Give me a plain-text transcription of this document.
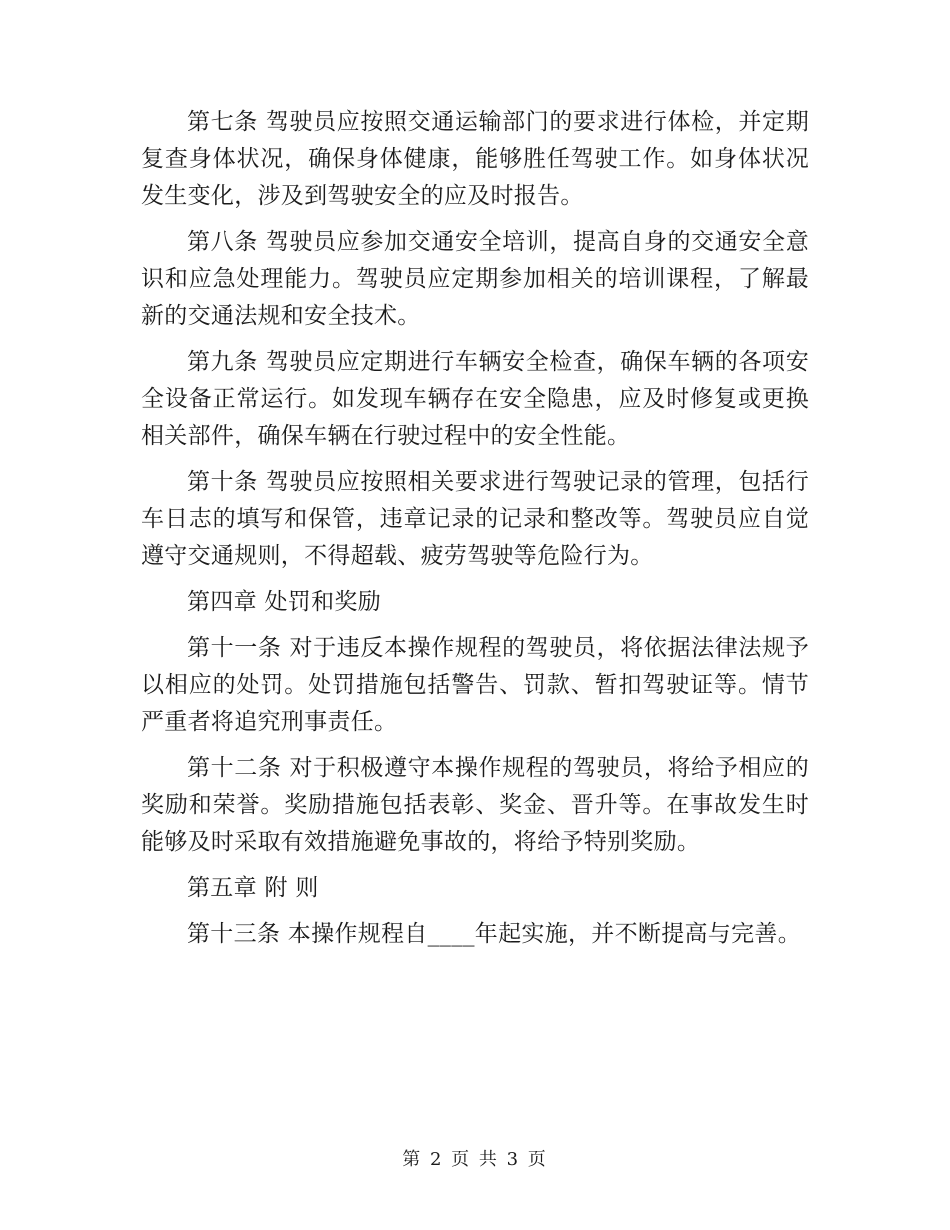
第七条 驾驶员应按照交通运输部门的要求进行体检，并定期复查身体状况，确保身体健康，能够胜任驾驶工作。如身体状况发生变化，涉及到驾驶安全的应及时报告。

第八条 驾驶员应参加交通安全培训，提高自身的交通安全意识和应急处理能力。驾驶员应定期参加相关的培训课程，了解最新的交通法规和安全技术。

第九条 驾驶员应定期进行车辆安全检查，确保车辆的各项安全设备正常运行。如发现车辆存在安全隐患，应及时修复或更换相关部件，确保车辆在行驶过程中的安全性能。

第十条 驾驶员应按照相关要求进行驾驶记录的管理，包括行车日志的填写和保管，违章记录的记录和整改等。驾驶员应自觉遵守交通规则，不得超载、疲劳驾驶等危险行为。

第四章 处罚和奖励

第十一条 对于违反本操作规程的驾驶员，将依据法律法规予以相应的处罚。处罚措施包括警告、罚款、暂扣驾驶证等。情节严重者将追究刑事责任。

第十二条 对于积极遵守本操作规程的驾驶员，将给予相应的奖励和荣誉。奖励措施包括表彰、奖金、晋升等。在事故发生时能够及时采取有效措施避免事故的，将给予特别奖励。

第五章 附 则

第十三条 本操作规程自____年起实施，并不断提高与完善。

第 2 页 共 3 页
